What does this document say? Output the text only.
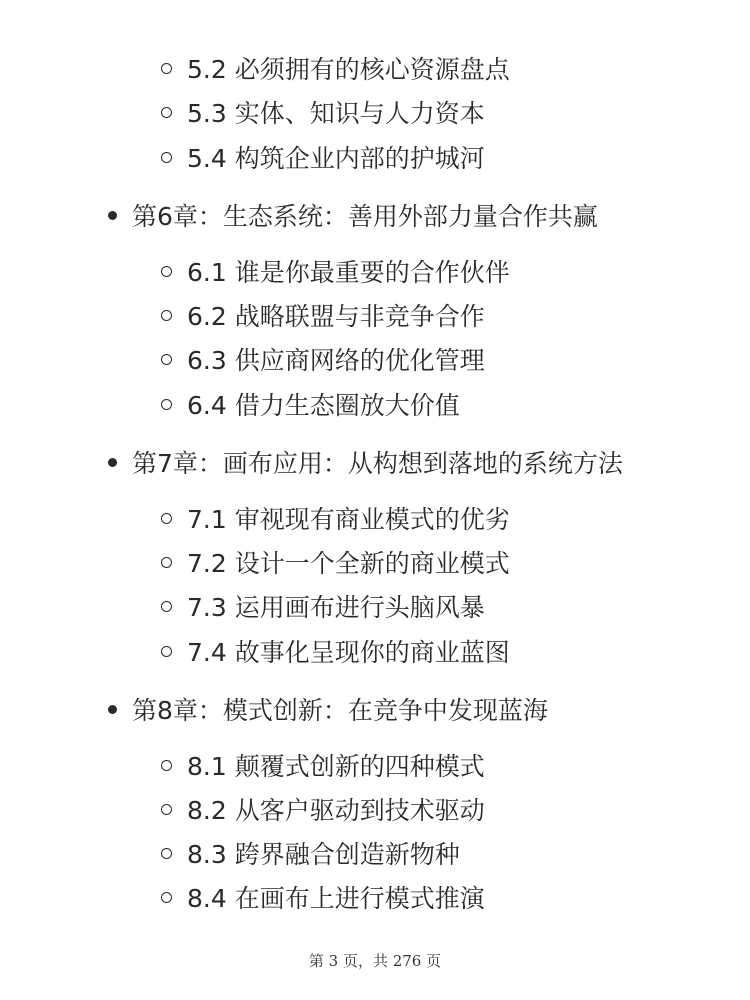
5.2 必须拥有的核心资源盘点
5.3 实体、知识与人力资本
5.4 构筑企业内部的护城河
第6章：生态系统：善用外部力量合作共赢
6.1 谁是你最重要的合作伙伴
6.2 战略联盟与非竞争合作
6.3 供应商网络的优化管理
6.4 借力生态圈放大价值
第7章：画布应用：从构想到落地的系统方法
7.1 审视现有商业模式的优劣
7.2 设计一个全新的商业模式
7.3 运用画布进行头脑风暴
7.4 故事化呈现你的商业蓝图
第8章：模式创新：在竞争中发现蓝海
8.1 颠覆式创新的四种模式
8.2 从客户驱动到技术驱动
8.3 跨界融合创造新物种
8.4 在画布上进行模式推演
第 3 页，共 276 页
